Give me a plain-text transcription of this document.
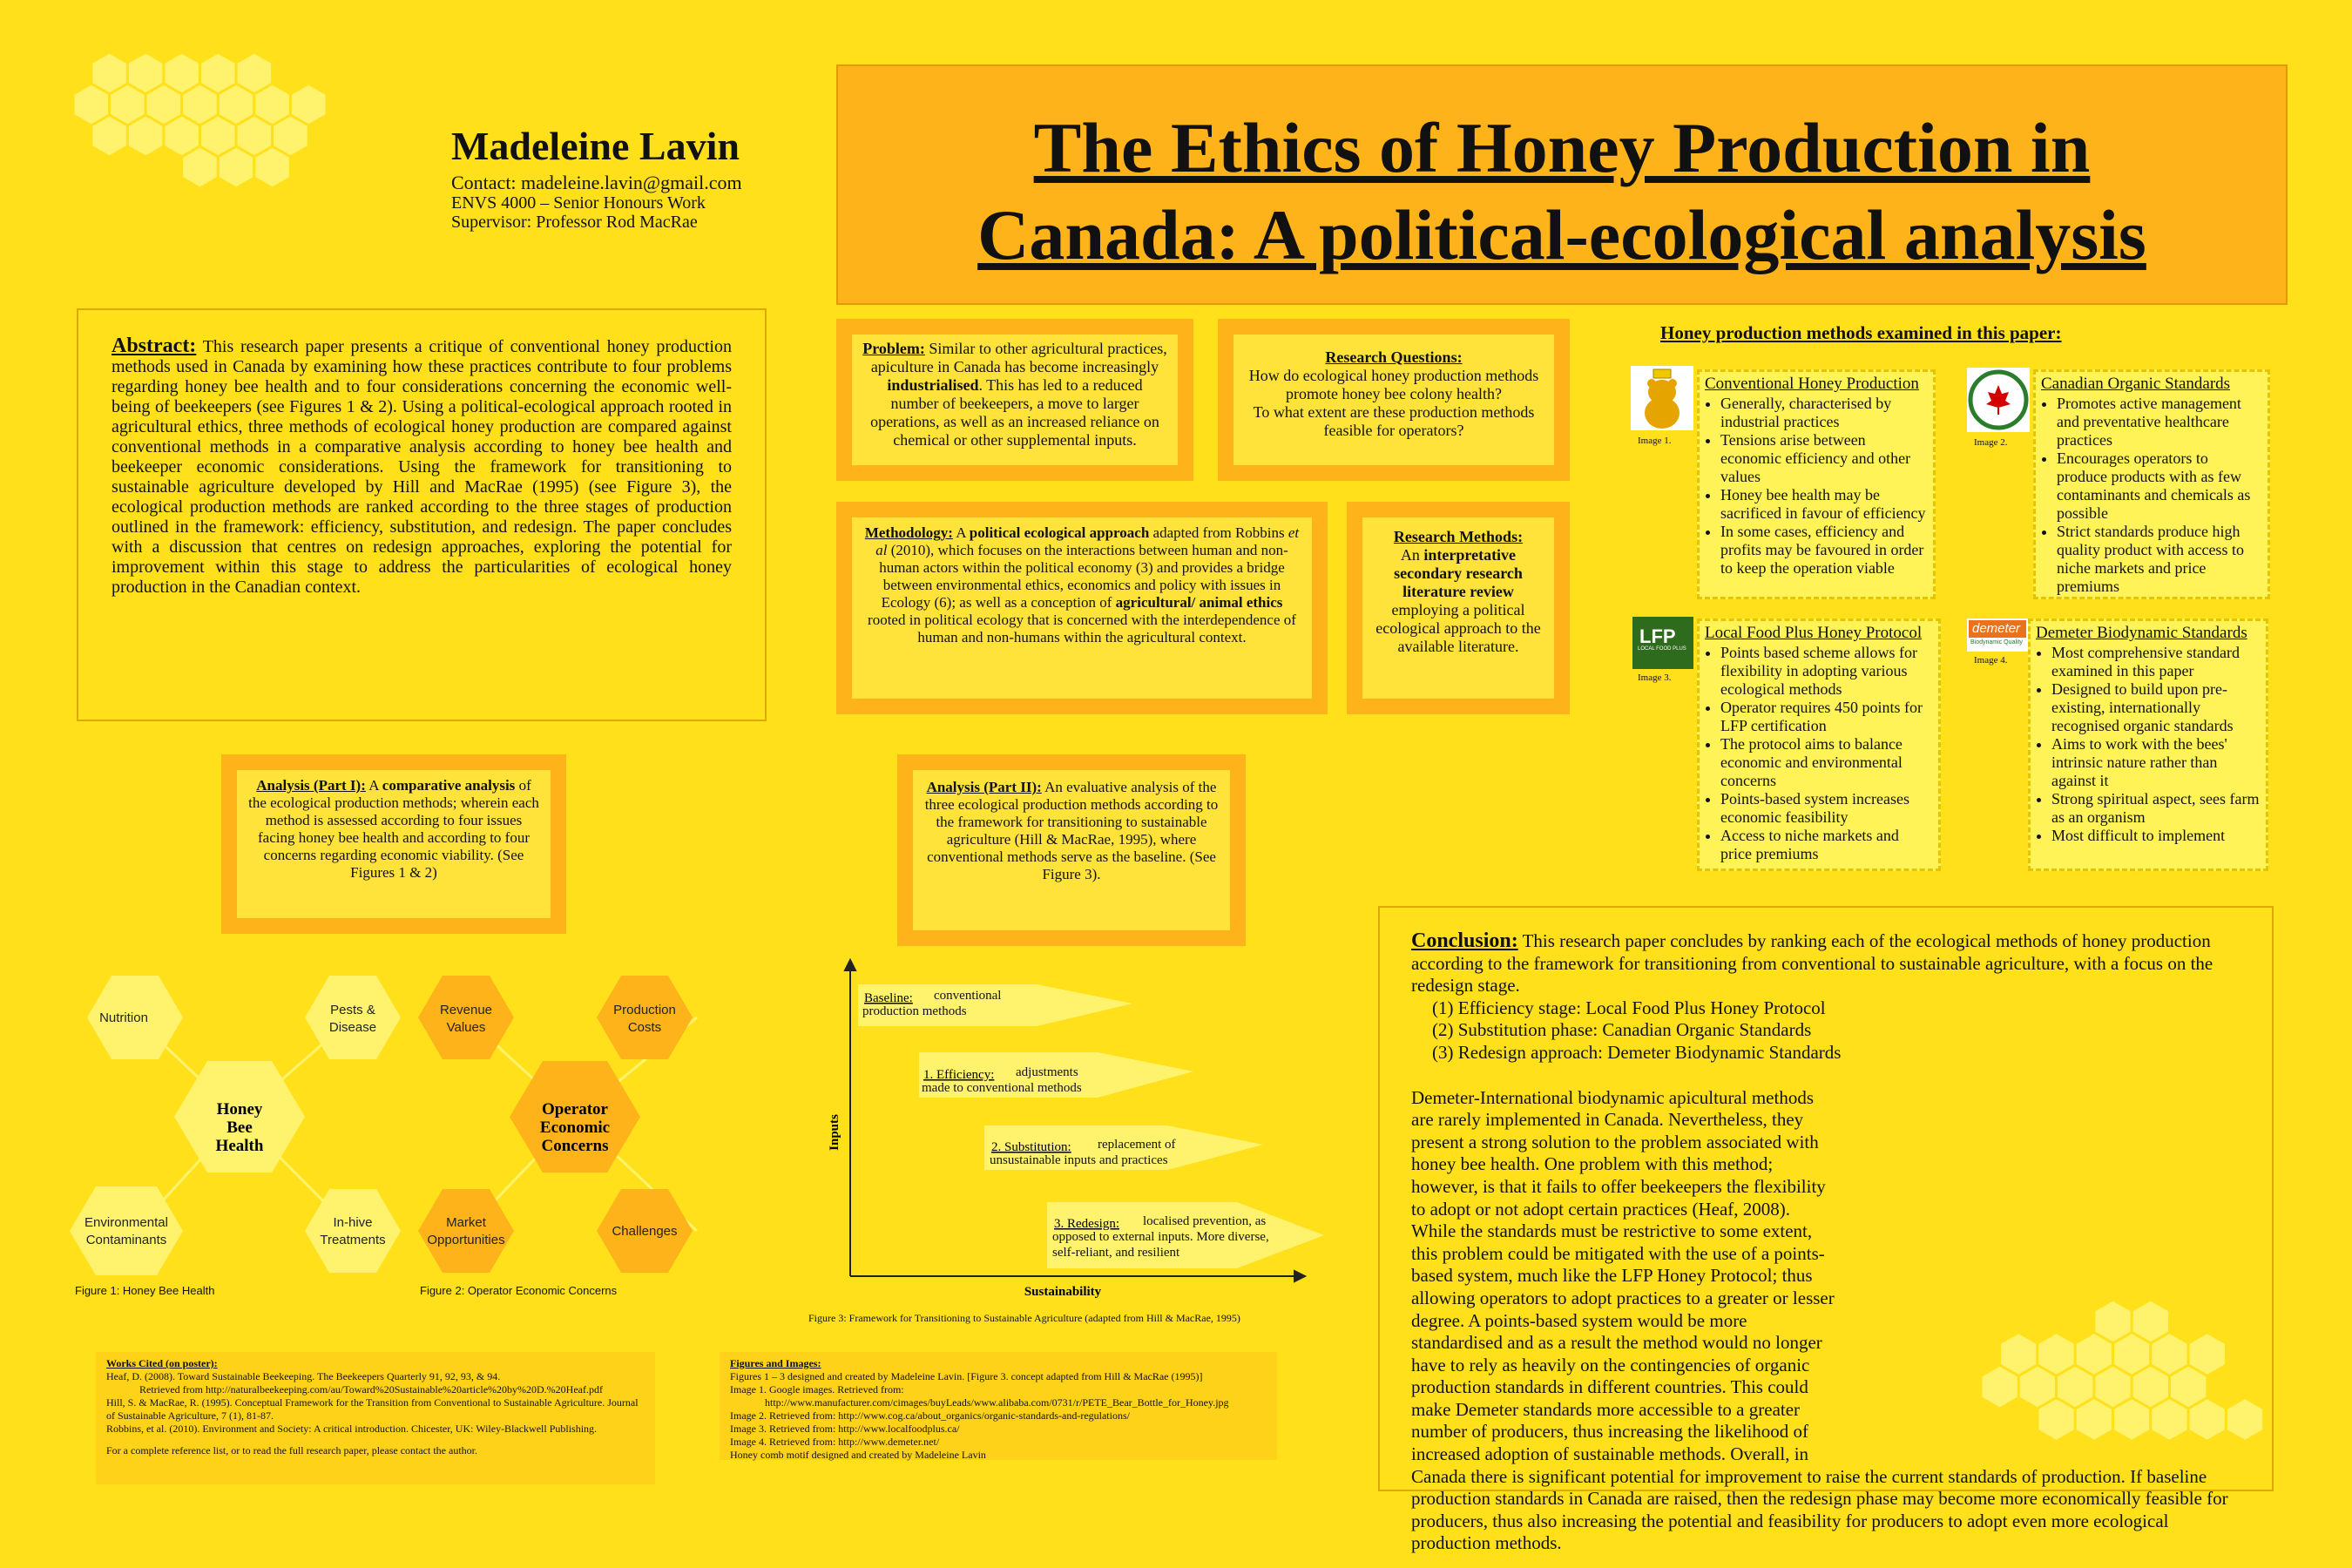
Madeleine Lavin
Contact: madeleine.lavin@gmail.com
ENVS 4000 – Senior Honours Work
Supervisor: Professor Rod MacRae
The Ethics of Honey Production in
Canada: A political-ecological analysis

Abstract: This research paper presents a critique of conventional honey production methods used in Canada by examining how these practices contribute to four problems regarding honey bee health and to four considerations concerning the economic well-being of beekeepers (see Figures 1 & 2). Using a political-ecological approach rooted in agricultural ethics, three methods of ecological honey production are compared against conventional methods in a comparative analysis according to honey bee health and beekeeper economic considerations. Using the framework for transitioning to sustainable agriculture developed by Hill and MacRae (1995) (see Figure 3), the ecological production methods are ranked according to the three stages of production outlined in the framework: efficiency, substitution, and redesign. The paper concludes with a discussion that centres on redesign approaches, exploring the potential for improvement within this stage to address the particularities of ecological honey production in the Canadian context.

Problem: Similar to other agricultural practices, apiculture in Canada has become increasingly industrialised. This has led to a reduced number of beekeepers, a move to larger operations, as well as an increased reliance on chemical or other supplemental inputs.

Research Questions:
How do ecological honey production methods promote honey bee colony health?
To what extent are these production methods feasible for operators?

Methodology: A political ecological approach adapted from Robbins et al (2010), which focuses on the interactions between human and non-human actors within the political economy (3) and provides a bridge between environmental ethics, economics and policy with issues in Ecology (6); as well as a conception of agricultural/ animal ethics rooted in political ecology that is concerned with the interdependence of human and non-humans within the agricultural context.

Research Methods:
An interpretative secondary research literature review
employing a political ecological approach to the available literature.
Honey production methods examined in this paper:
Image 1.
Conventional Honey Production
• Generally, characterised by industrial practices
• Tensions arise between economic efficiency and other values
• Honey bee health may be sacrificed in favour of efficiency
• In some cases, efficiency and profits may be favoured in order to keep the operation viable
Image 2.
Canadian Organic Standards
• Promotes active management and preventative healthcare practices
• Encourages operators to produce products with as few contaminants and chemicals as possible
• Strict standards produce high quality product with access to niche markets and price premiums
LFP
LOCAL FOOD PLUS
Image 3.
Local Food Plus Honey Protocol
• Points based scheme allows for flexibility in adopting various ecological methods
• Operator requires 450 points for LFP certification
• The protocol aims to balance economic and environmental concerns
• Points-based system increases economic feasibility
• Access to niche markets and price premiums
demeter
Biodynamic Quality
Image 4.
Demeter Biodynamic Standards
• Most comprehensive standard examined in this paper
• Designed to build upon pre-existing, internationally recognised organic standards
• Aims to work with the bees' intrinsic nature rather than against it
• Strong spiritual aspect, sees farm as an organism
• Most difficult to implement

Analysis (Part I): A comparative analysis of the ecological production methods; wherein each method is assessed according to four issues facing honey bee health and according to four concerns regarding economic viability. (See Figures 1 & 2)

Analysis (Part II): An evaluative analysis of the three ecological production methods according to the framework for transitioning to sustainable agriculture (Hill & MacRae, 1995), where conventional methods serve as the baseline. (See Figure 3).

Nutrition
Pests &
Disease
Environmental
Contaminants
In-hive
Treatments
Revenue
Values
Production
Costs
Market
Opportunities
Challenges
Honey
Bee
Health
Operator
Economic
Concerns
Figure 1: Honey Bee Health	Figure 2: Operator Economic Concerns
Inputs
Sustainability
Baseline:	conventional production methods
1. Efficiency:	adjustments made to conventional methods
2. Substitution:	replacement of unsustainable inputs and practices
3. Redesign:	localised prevention, as opposed to external inputs. More diverse, self-reliant, and resilient
Figure 3: Framework for Transitioning to Sustainable Agriculture (adapted from Hill & MacRae, 1995)
Works Cited (on poster):
Heaf, D. (2008). Toward Sustainable Beekeeping. The Beekeepers Quarterly 91, 92, 93, & 94.
Retrieved from http://naturalbeekeeping.com/au/Toward%20Sustainable%20article%20by%20D.%20Heaf.pdf
Hill, S. & MacRae, R. (1995). Conceptual Framework for the Transition from Conventional to Sustainable Agriculture. Journal of Sustainable Agriculture, 7 (1), 81-87.
Robbins, et al. (2010). Environment and Society: A critical introduction. Chicester, UK: Wiley-Blackwell Publishing.
For a complete reference list, or to read the full research paper, please contact the author.
Figures and Images:
Figures 1 – 3 designed and created by Madeleine Lavin. [Figure 3. concept adapted from Hill & MacRae (1995)]
Image 1. Google images. Retrieved from:
http://www.manufacturer.com/cimages/buyLeads/www.alibaba.com/0731/r/PETE_Bear_Bottle_for_Honey.jpg
Image 2. Retrieved from: http://www.cog.ca/about_organics/organic-standards-and-regulations/
Image 3. Retrieved from: http://www.localfoodplus.ca/
Image 4. Retrieved from: http://www.demeter.net/
Honey comb motif designed and created by Madeleine Lavin

Conclusion: This research paper concludes by ranking each of the ecological methods of honey production according to the framework for transitioning from conventional to sustainable agriculture, with a focus on the redesign stage.

(1) Efficiency stage: Local Food Plus Honey Protocol
(2) Substitution phase: Canadian Organic Standards
(3) Redesign approach: Demeter Biodynamic Standards

Demeter-International biodynamic apicultural methods are rarely implemented in Canada. Nevertheless, they present a strong solution to the problem associated with honey bee health. One problem with this method; however, is that it fails to offer beekeepers the flexibility to adopt or not adopt certain practices (Heaf, 2008). While the standards must be restrictive to some extent, this problem could be mitigated with the use of a points-based system, much like the LFP Honey Protocol; thus allowing operators to adopt practices to a greater or lesser degree. A points-based system would be more standardised and as a result the method would no longer have to rely as heavily on the contingencies of organic production standards in different countries. This could make Demeter standards more accessible to a greater number of producers, thus increasing the likelihood of increased adoption of sustainable methods. Overall, in Canada there is significant potential for improvement to raise the current standards of production. If baseline production standards in Canada are raised, then the redesign phase may become more economically feasible for producers, thus also increasing the potential and feasibility for producers to adopt even more ecological production methods.
